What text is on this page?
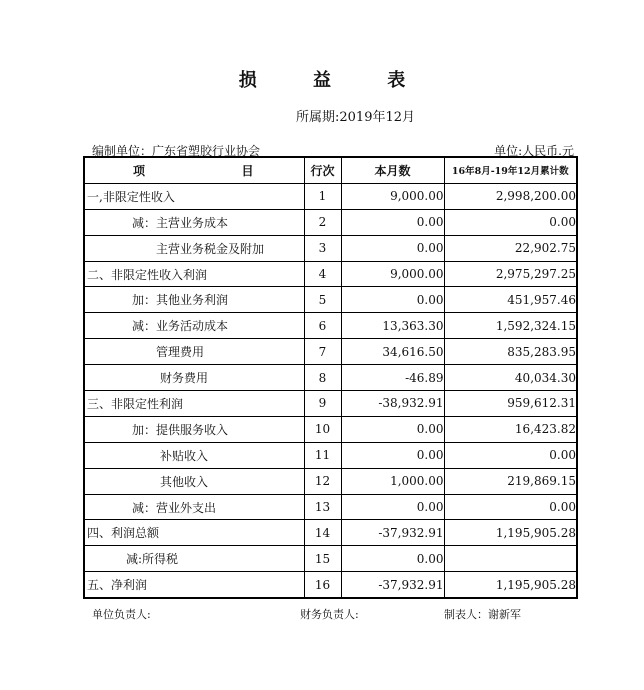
损	益	表
所属期:2019年12月
编制单位：广东省塑胶行业协会	单位:人民币.元
项 目	行次	本月数	16年8月-19年12月累计数
一,非限定性收入	1	9,000.00	2,998,200.00
减：主营业务成本	2	0.00	0.00
主营业务税金及附加	3	0.00	22,902.75
二、非限定性收入利润	4	9,000.00	2,975,297.25
加：其他业务利润	5	0.00	451,957.46
减：业务活动成本	6	13,363.30	1,592,324.15
管理费用	7	34,616.50	835,283.95
财务费用	8	-46.89	40,034.30
三、非限定性利润	9	-38,932.91	959,612.31
加：提供服务收入	10	0.00	16,423.82
补贴收入	11	0.00	0.00
其他收入	12	1,000.00	219,869.15
减：营业外支出	13	0.00	0.00
四、利润总额	14	-37,932.91	1,195,905.28
减:所得税	15	0.00	
五、净利润	16	-37,932.91	1,195,905.28
单位负责人:	财务负责人:	制表人：谢新军
